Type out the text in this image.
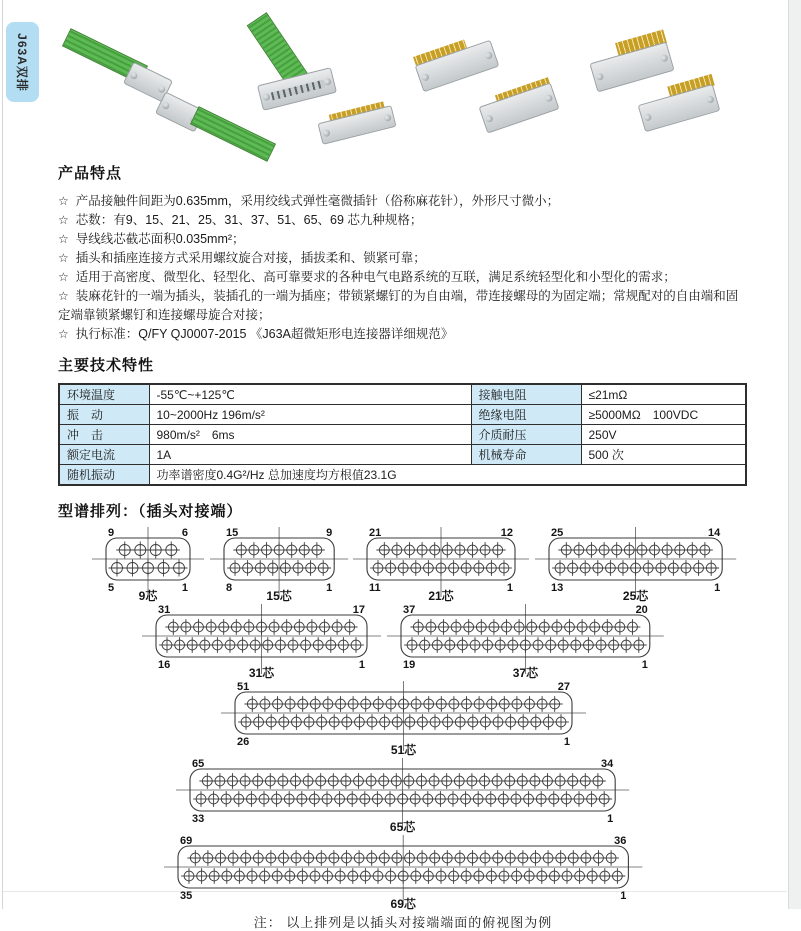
J63A双排
产品特点
☆ 产品接触件间距为0.635mm，采用绞线式弹性毫微插针（俗称麻花针），外形尺寸微小；
☆ 芯数：有9、15、21、25、31、37、51、65、69 芯九种规格；
☆ 导线线芯截芯面积0.035mm²；
☆ 插头和插座连接方式采用螺纹旋合对接，插拔柔和、锁紧可靠；
☆ 适用于高密度、微型化、轻型化、高可靠要求的各种电气电路系统的互联，满足系统轻型化和小型化的需求；
☆ 装麻花针的一端为插头，装插孔的一端为插座；带锁紧螺钉的为自由端，带连接螺母的为固定端；常规配对的自由端和固定端靠锁紧螺钉和连接螺母旋合对接；
☆ 执行标准：Q/FY QJ0007-2015 《J63A超微矩形电连接器详细规范》
主要技术特性
环境温度	-55℃~+125℃	接触电阻	≤21mΩ
振　动	10~2000Hz 196m/s²	绝缘电阻	≥5000MΩ　100VDC
冲　击	980m/s²　6ms	介质耐压	250V
额定电流	1A	机械寿命	500 次
随机振动	功率谱密度0.4G²/Hz 总加速度均方根值23.1G		
型谱排列：（插头对接端）
9	6
5	1
9芯
15	9
8	1
15芯
21	12
11	1
21芯
25	14
13	1
25芯
31	17
16	1
31芯
37	20
19	1
37芯
51	27
26	1
51芯
65	34
33	1
65芯
69	36
35	1
69芯
注： 以上排列是以插头对接端端面的俯视图为例
